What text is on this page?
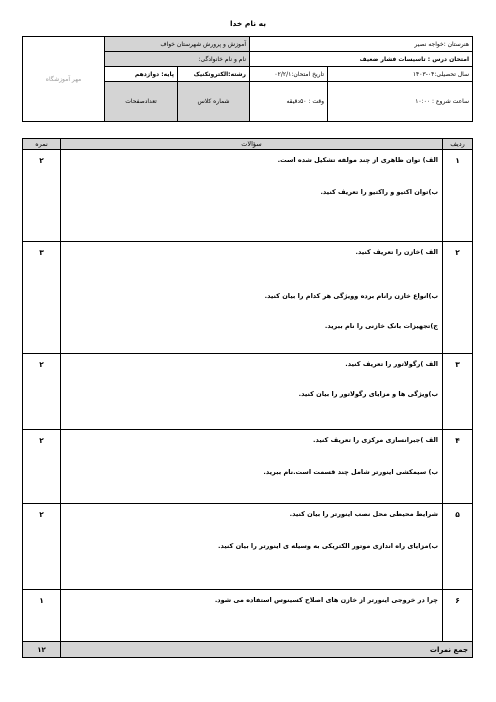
به نام خدا
هنرستان :خواجه نصیر		آموزش و پرورش شهرستان خواف		مهر آموزشگاه	
امتحان درس : تاسیسات فشار ضعیف		نام و نام خانوادگی:	
سال تحصیلی:۰۴-۱۴۰۳	تاریخ امتحان:۰۲/۲/۱	رشته:الکتروتکنیک	پایه: دوازدهم	
ساعت شروع : ۱۰:۰۰	وقت : ۵۰دقیقه	شماره کلاس	تعدادصفحات	
ردیف	سؤالات	نمره
۱	الف) توان ظاهری از چند مولفه تشکیل شده است.
ب)توان اکتیو و راکتیو را تعریف کنید.	۲
۲	الف )خازن را تعریف کنید.
ب)انواع خازن رانام برده وویژگی هر کدام را بیان کنید.
ج)تجهیزات بانک خازنی را نام ببرید.	۳
۳	الف )رگولاتور را تعریف کنید.
ب)ویژگی ها و مزایای رگولاتور را بیان کنید.	۲
۴	الف )جبرانسازی مرکزی را تعریف کنید.
ب) سیمکشی اینورتر شامل چند قسمت است.نام ببرید.	۲
۵	شرایط محیطی محل نصب اینورتر را بیان کنید.
ب)مزایای راه اندازی موتور الکتریکی به وسیله ی اینورتر را بیان کنید.	۲
۶	چرا در خروجی اینورتر از خازن های اصلاح کسینوس استفاده می شود.	۱
جمع نمرات		۱۲
